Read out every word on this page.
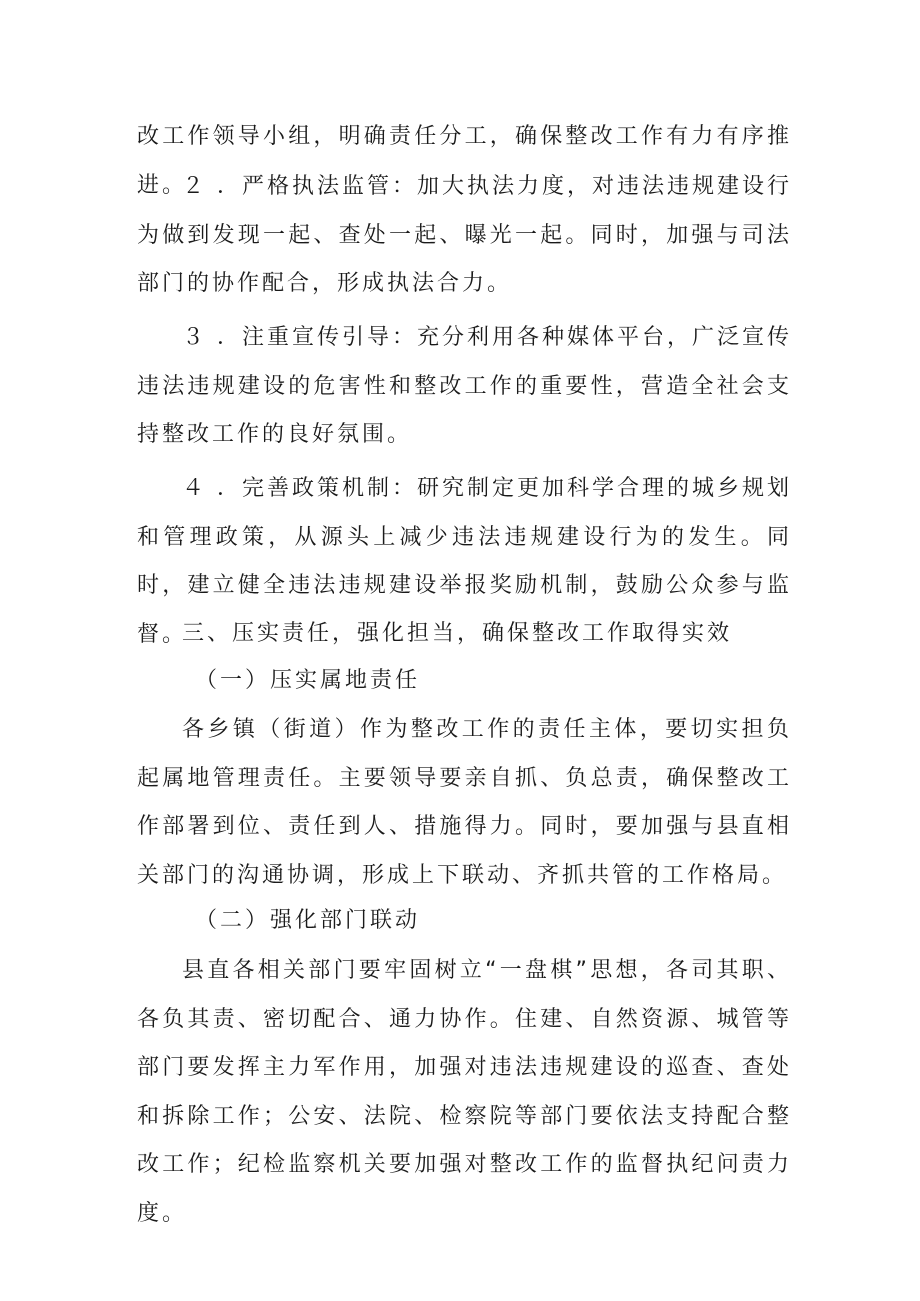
改工作领导小组，明确责任分工，确保整改工作有力有序推进。

２ ．严格执法监管：加大执法力度，对违法违规建设行为做到发现一起、查处一起、曝光一起。同时，加强与司法部门的协作配合，形成执法合力。

３ ．注重宣传引导：充分利用各种媒体平台，广泛宣传违法违规建设的危害性和整改工作的重要性，营造全社会支持整改工作的良好氛围。

４ ．完善政策机制：研究制定更加科学合理的城乡规划和管理政策，从源头上减少违法违规建设行为的发生。同时，建立健全违法违规建设举报奖励机制，鼓励公众参与监督。

三、压实责任，强化担当，确保整改工作取得实效

（一）压实属地责任

各乡镇（街道）作为整改工作的责任主体，要切实担负起属地管理责任。主要领导要亲自抓、负总责，确保整改工作部署到位、责任到人、措施得力。同时，要加强与县直相关部门的沟通协调，形成上下联动、齐抓共管的工作格局。

（二）强化部门联动

县直各相关部门要牢固树立“一盘棋”思想，各司其职、各负其责、密切配合、通力协作。住建、自然资源、城管等部门要发挥主力军作用，加强对违法违规建设的巡查、查处和拆除工作；公安、法院、检察院等部门要依法支持配合整改工作；纪检监察机关要加强对整改工作的监督执纪问责力度。
